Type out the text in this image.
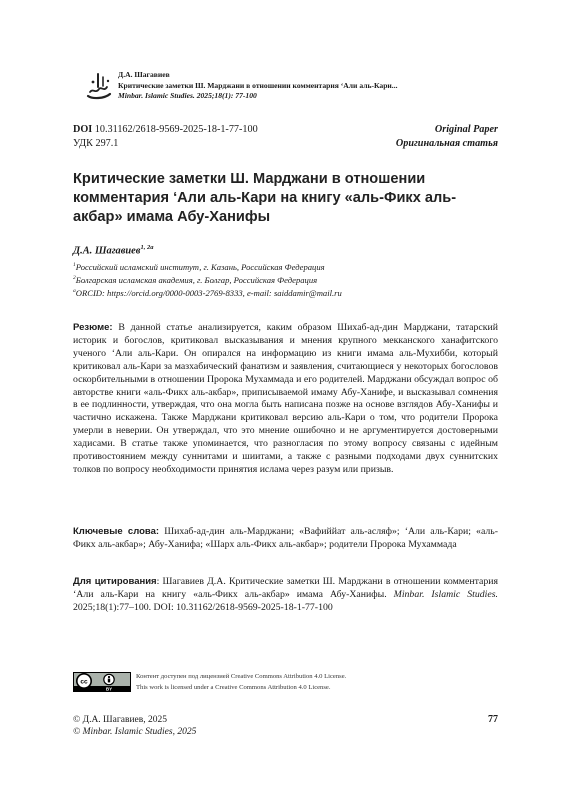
Д.А. Шагавиев
Критические заметки Ш. Марджани в отношении комментария ‘Али аль-Кари...
Minbar. Islamic Studies. 2025;18(1): 77-100
DOI 10.31162/2618-9569-2025-18-1-77-100
УДК 297.1
Original Paper
Оригинальная статья
Критические заметки Ш. Марджани в отношении комментария ‘Али аль-Кари на книгу «аль-Фикх аль-акбар» имама Абу-Ханифы
Д.А. Шагавиев$^{1, 2a}$
$^1$Российский исламский институт, г. Казань, Российская Федерация
$^2$Болгарская исламская академия, г. Болгар, Российская Федерация
$^a$ORCID: https://orcid.org/0000-0003-2769-8333, e-mail: saiddamir@mail.ru
Резюме: В данной статье анализируется, каким образом Шихаб-ад-дин Марджани, татарский историк и богослов, критиковал высказывания и мнения крупного мекканского ханафитского ученого ‘Али аль-Кари. Он опирался на информацию из книги имама аль-Мухибби, который критиковал аль-Кари за мазхабический фанатизм и заявления, считающиеся у некоторых богословов оскорбительными в отношении Пророка Мухаммада и его родителей. Марджани обсуждал вопрос об авторстве книги «аль-Фикх аль-акбар», приписываемой имаму Абу-Ханифе, и высказывал сомнения в ее подлинности, утверждая, что она могла быть написана позже на основе взглядов Абу-Ханифы и частично искажена. Также Марджани критиковал версию аль-Кари о том, что родители Пророка умерли в неверии. Он утверждал, что это мнение ошибочно и не аргументируется достоверными хадисами. В статье также упоминается, что разногласия по этому вопросу связаны с идейным противостоянием между суннитами и шиитами, а также с разными подходами двух суннитских толков по вопросу необходимости принятия ислама через разум или призыв.
Ключевые слова: Шихаб-ад-дин аль-Марджани; «Вафиййат аль-асляф»; ‘Али аль-Кари; «аль-Фикх аль-акбар»; Абу-Ханифа; «Шарх аль-Фикх аль-акбар»; родители Пророка Мухаммада
Для цитирования: Шагавиев Д.А. Критические заметки Ш. Марджани в отношении комментария ‘Али аль-Кари на книгу «аль-Фикх аль-акбар» имама Абу-Ханифы. Minbar. Islamic Studies. 2025;18(1):77–100. DOI: 10.31162/2618-9569-2025-18-1-77-100
cc
BY
Контент доступен под лицензией Creative Commons Attribution 4.0 License.
This work is licensed under a Creative Commons Attribution 4.0 License.
© Д.А. Шагавиев, 2025
© Minbar. Islamic Studies, 2025
77
